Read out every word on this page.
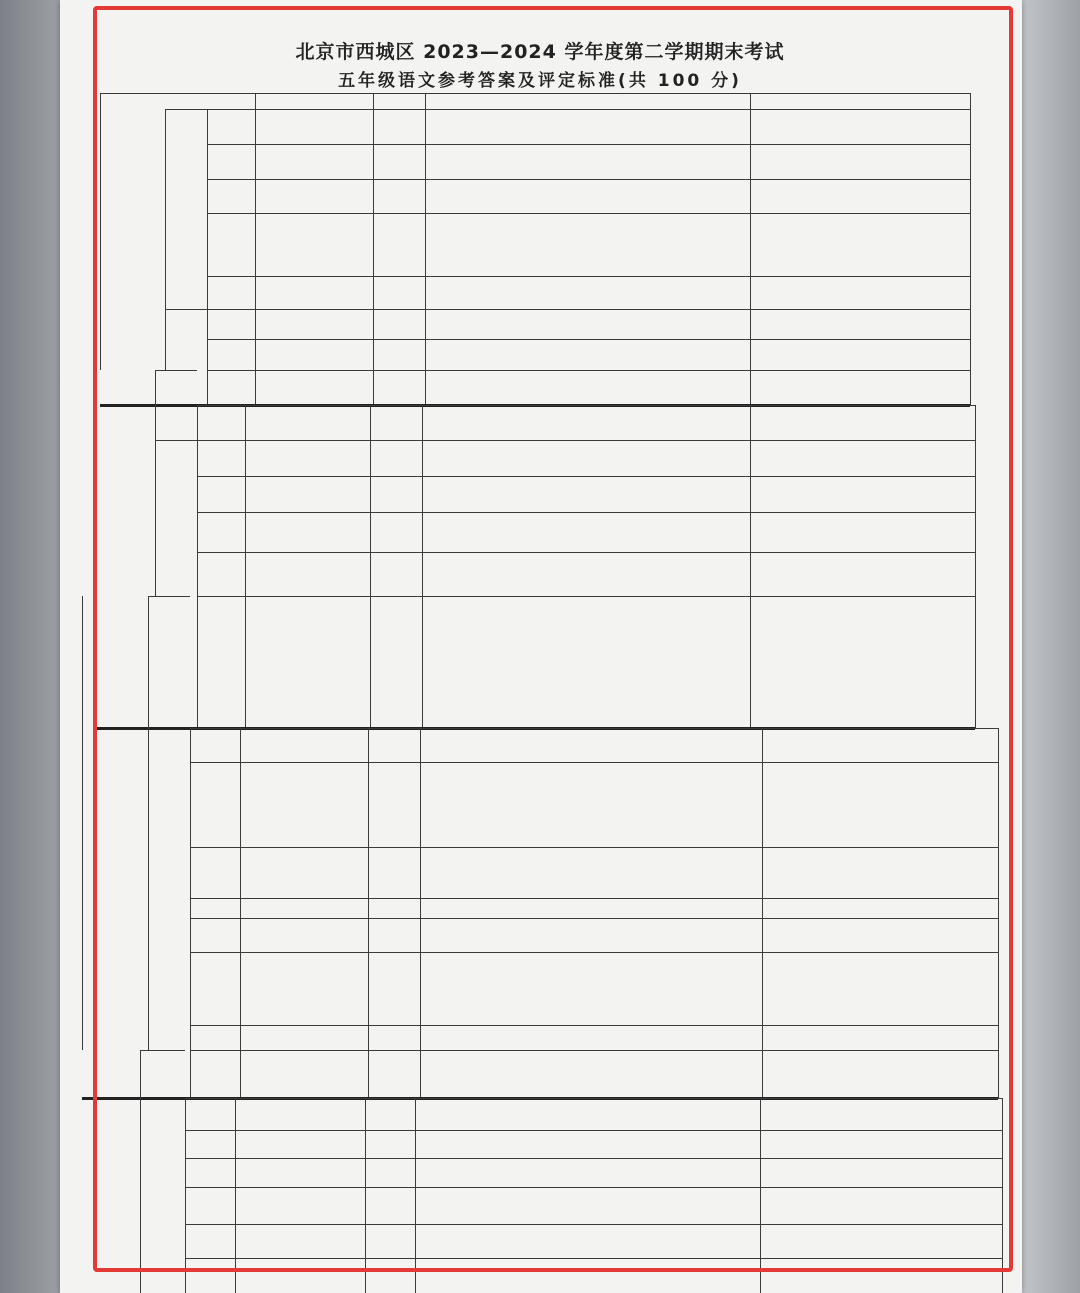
北京市西城区 2023—2024 学年度第二学期期末考试
五年级语文参考答案及评定标准(共 100 分)
